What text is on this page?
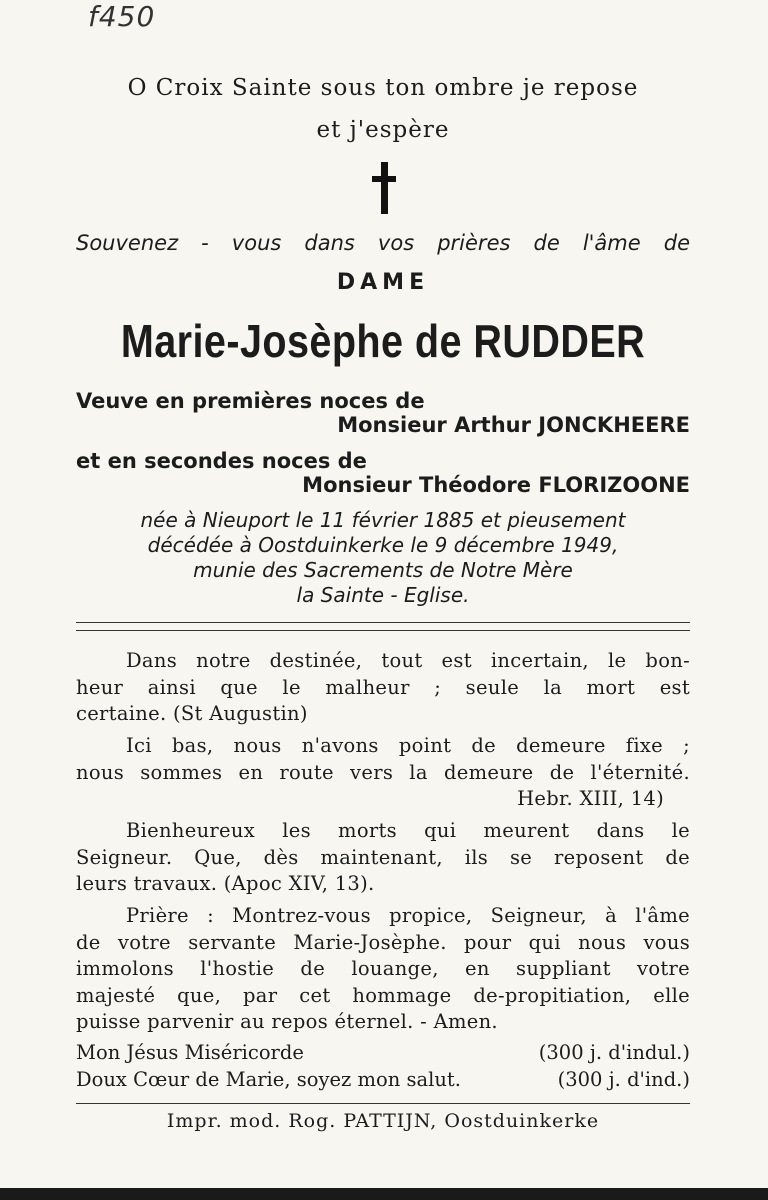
f450
O Croix Sainte sous ton ombre je repose
et j'espère
Souvenez - vous dans vos prières de l'âme de
DAME
Marie-Josèphe de RUDDER
Veuve en premières noces de
Monsieur Arthur JONCKHEERE
et en secondes noces de
Monsieur Théodore FLORIZOONE
née à Nieuport le 11 février 1885 et pieusement
décédée à Oostduinkerke le 9 décembre 1949,
munie des Sacrements de Notre Mère
la Sainte - Eglise.
Dans notre destinée, tout est incertain, le bon-
heur ainsi que le malheur ; seule la mort est
certaine. (St Augustin)
Ici bas, nous n'avons point de demeure fixe ;
nous sommes en route vers la demeure de l'éternité.
Hebr. XIII, 14)
Bienheureux les morts qui meurent dans le
Seigneur. Que, dès maintenant, ils se reposent de
leurs travaux. (Apoc XIV, 13).
Prière : Montrez-vous propice, Seigneur, à l'âme
de votre servante Marie-Josèphe. pour qui nous vous
immolons l'hostie de louange, en suppliant votre
majesté que, par cet hommage de-propitiation, elle
puisse parvenir au repos éternel. - Amen.
Mon Jésus Miséricorde	(300 j. d'indul.)
Doux Cœur de Marie, soyez mon salut.	(300 j. d'ind.)
Impr. mod. Rog. PATTIJN, Oostduinkerke
